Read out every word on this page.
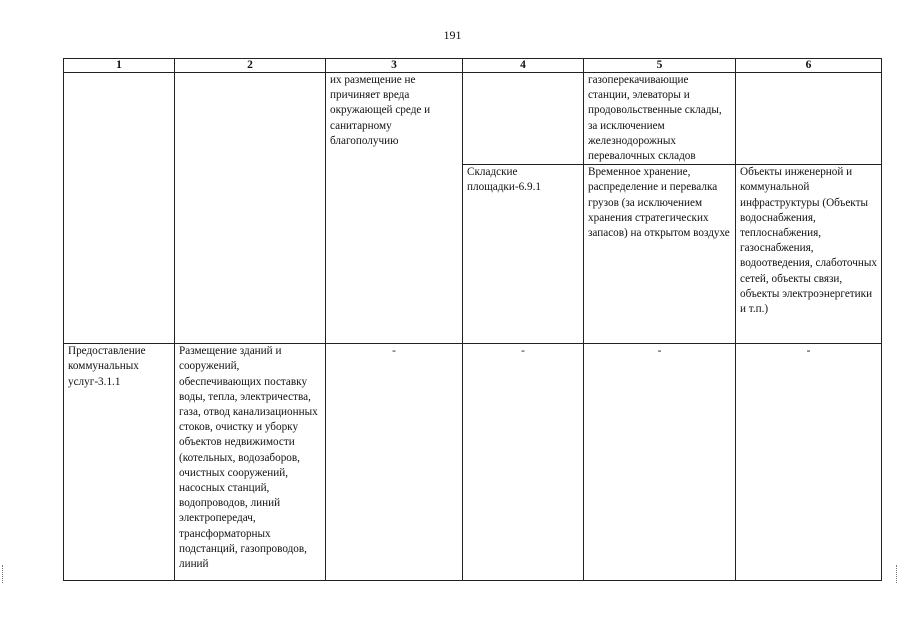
191
1	2	3	4	5	6

		их размещение не причиняет вреда окружающей среде и санитарному благополучию		газоперекачивающие станции, элеваторы и продовольственные склады, за исключением железнодорожных перевалочных складов	

			Складские площадки-6.9.1	Временное хранение, распределение и перевалка грузов (за исключением хранения стратегических запасов) на открытом воздухе	Объекты инженерной и коммунальной инфраструктуры (Объекты водоснабжения, теплоснабжения, газоснабжения, водоотведения, слаботочных сетей, объекты связи, объекты электроэнергетики и т.п.)

Предоставление коммунальных услуг-3.1.1	Размещение зданий и сооружений, обеспечивающих поставку воды, тепла, электричества, газа, отвод канализационных стоков, очистку и уборку объектов недвижимости (котельных, водозаборов, очистных сооружений, насосных станций, водопроводов, линий электропередач, трансформаторных подстанций, газопроводов, линий	-	-	-	-
